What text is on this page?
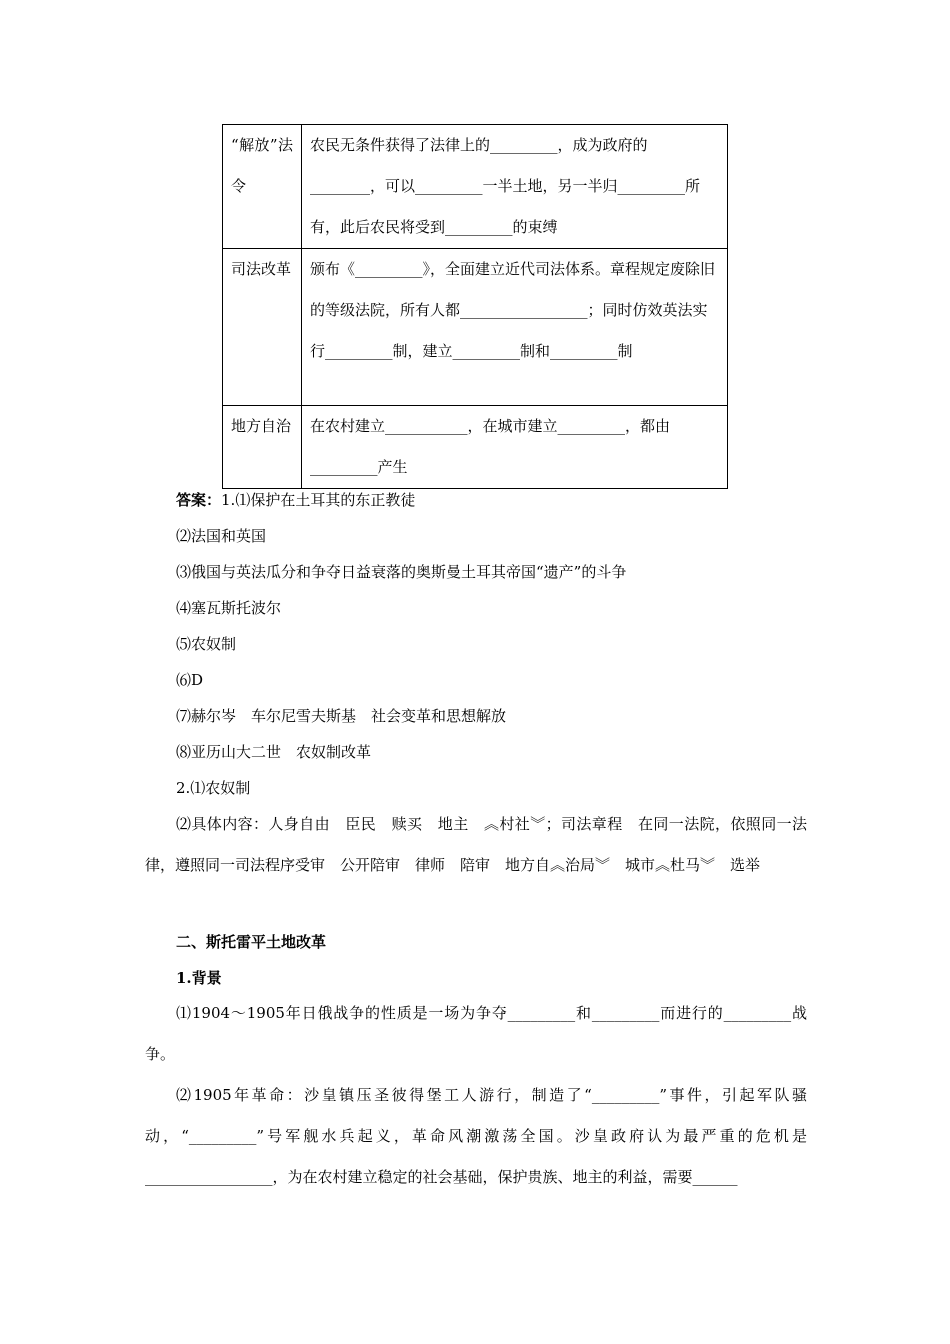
“解放”法令	农民无条件获得了法律上的_________，成为政府的________，可以_________一半土地，另一半归_________所有，此后农民将受到_________的束缚
司法改革	颁布《_________》，全面建立近代司法体系。章程规定废除旧的等级法院，所有人都_________________；同时仿效英法实行_________制，建立_________制和_________制
地方自治	在农村建立___________，在城市建立_________，都由_________产生
答案：1.⑴保护在土耳其的东正教徒
⑵法国和英国
⑶俄国与英法瓜分和争夺日益衰落的奥斯曼土耳其帝国“遗产”的斗争
⑷塞瓦斯托波尔
⑸农奴制
⑹D
⑺赫尔岑　车尔尼雪夫斯基　社会变革和思想解放
⑻亚历山大二世　农奴制改革
2.⑴农奴制
⑵具体内容：人身自由　臣民　赎买　地主　︽村社︾；司法章程　在同一法院，依照同一法律，遵照同一司法程序受审　公开陪审　律师　陪审　地方自︽治局︾　城市︽杜马︾　选举
二、斯托雷平土地改革
1.背景
⑴1904～1905年日俄战争的性质是一场为争夺_________和_________而进行的_________战争。
⑵1905年革命：沙皇镇压圣彼得堡工人游行，制造了“_________”事件，引起军队骚动，“_________”号军舰水兵起义，革命风潮激荡全国。沙皇政府认为最严重的危机是_________________，为在农村建立稳定的社会基础，保护贵族、地主的利益，需要______
